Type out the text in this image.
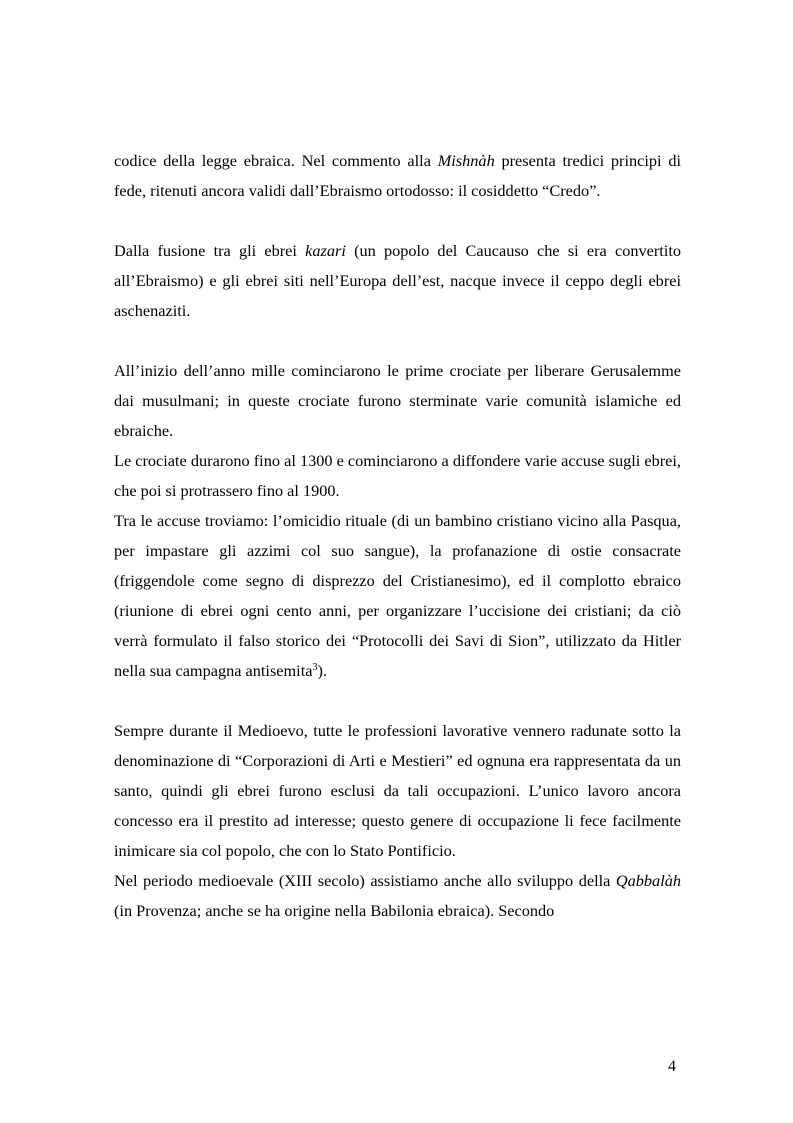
codice della legge ebraica. Nel commento alla Mishnàh presenta tredici principi di fede, ritenuti ancora validi dall’Ebraismo ortodosso: il cosiddetto “Credo”.

Dalla fusione tra gli ebrei kazari (un popolo del Caucauso che si era convertito all’Ebraismo) e gli ebrei siti nell’Europa dell’est, nacque invece il ceppo degli ebrei aschenaziti.

All’inizio dell’anno mille cominciarono le prime crociate per liberare Gerusalemme dai musulmani; in queste crociate furono sterminate varie comunità islamiche ed ebraiche.

Le crociate durarono fino al 1300 e cominciarono a diffondere varie accuse sugli ebrei, che poi si protrassero fino al 1900.

Tra le accuse troviamo: l’omicidio rituale (di un bambino cristiano vicino alla Pasqua, per impastare gli azzimi col suo sangue), la profanazione di ostie consacrate (friggendole come segno di disprezzo del Cristianesimo), ed il complotto ebraico (riunione di ebrei ogni cento anni, per organizzare l’uccisione dei cristiani; da ciò verrà formulato il falso storico dei “Protocolli dei Savi di Sion”, utilizzato da Hitler nella sua campagna antisemita$^3$).

Sempre durante il Medioevo, tutte le professioni lavorative vennero radunate sotto la denominazione di “Corporazioni di Arti e Mestieri” ed ognuna era rappresentata da un santo, quindi gli ebrei furono esclusi da tali occupazioni. L’unico lavoro ancora concesso era il prestito ad interesse; questo genere di occupazione li fece facilmente inimicare sia col popolo, che con lo Stato Pontificio.

Nel periodo medioevale (XIII secolo) assistiamo anche allo sviluppo della Qabbalàh (in Provenza; anche se ha origine nella Babilonia ebraica). Secondo

4
